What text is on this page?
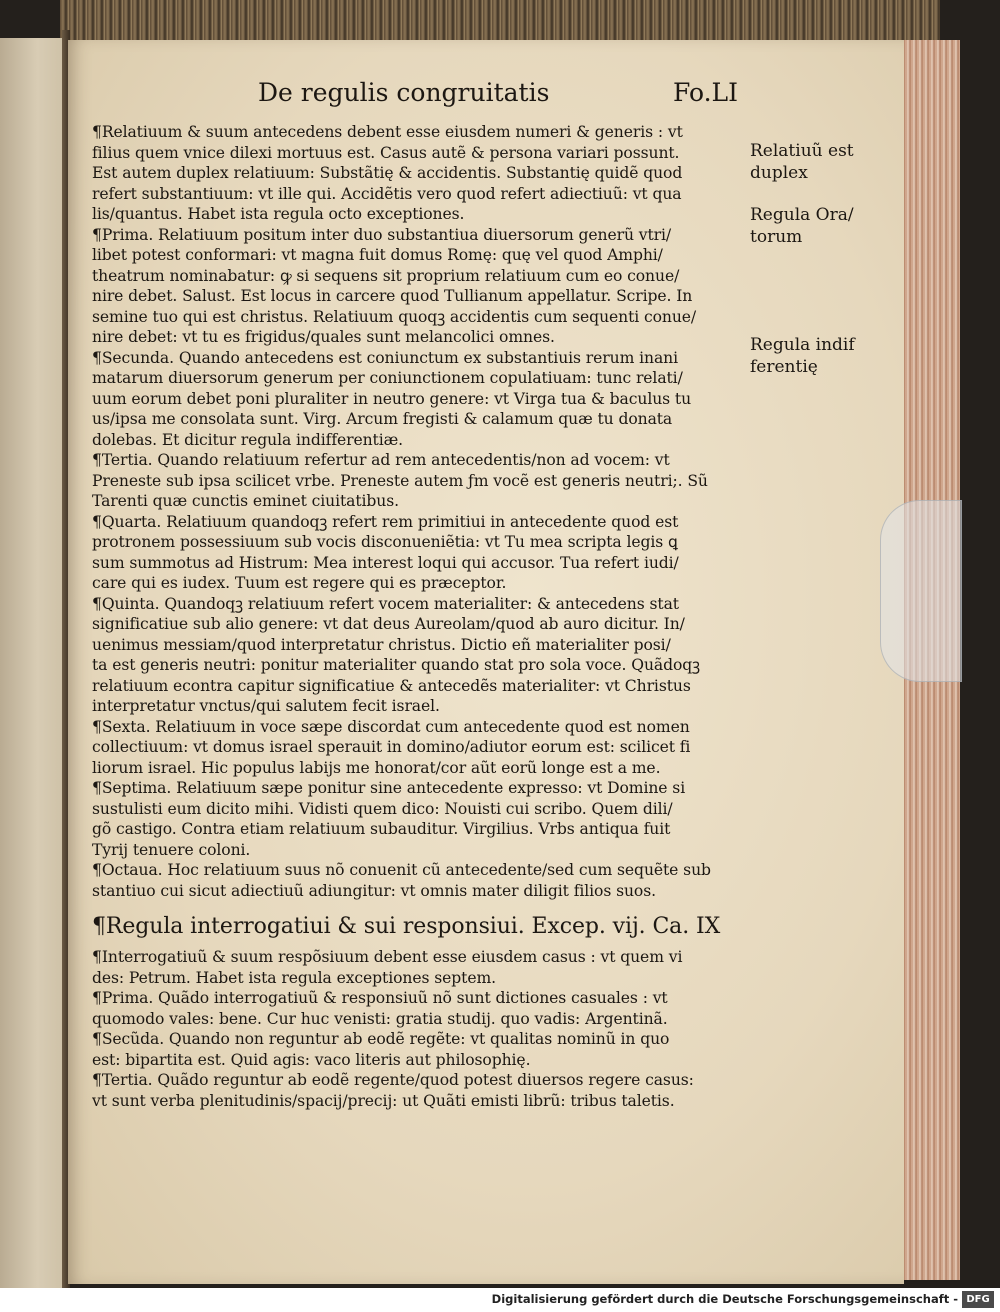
De regulis congruitatis	Fo.LI
¶Relatiuum & suum antecedens debent esse eiusdem numeri & generis : vt
filius quem vnice dilexi mortuus est. Casus autẽ & persona variari possunt.
Est autem duplex relatiuum: Substãtię & accidentis. Substantię quidẽ quod
refert substantiuum: vt ille qui. Accidẽtis vero quod refert adiectiuũ: vt qua
lis/quantus. Habet ista regula octo exceptiones.
¶Prima. Relatiuum positum inter duo substantiua diuersorum generũ vtri/
libet potest conformari: vt magna fuit domus Romę: quę vel quod Amphi/
theatrum nominabatur: ꝙ si sequens sit proprium relatiuum cum eo conue/
nire debet. Salust. Est locus in carcere quod Tullianum appellatur. Scripe. In
semine tuo qui est christus. Relatiuum quoqꝫ accidentis cum sequenti conue/
nire debet: vt tu es frigidus/quales sunt melancolici omnes.
¶Secunda. Quando antecedens est coniunctum ex substantiuis rerum inani
matarum diuersorum generum per coniunctionem copulatiuam: tunc relati/
uum eorum debet poni pluraliter in neutro genere: vt Virga tua & baculus tu
us/ipsa me consolata sunt. Virg. Arcum fregisti & calamum quæ tu donata
dolebas. Et dicitur regula indifferentiæ.
¶Tertia. Quando relatiuum refertur ad rem antecedentis/non ad vocem: vt
Preneste sub ipsa scilicet vrbe. Preneste autem ƒm vocẽ est generis neutri;. Sũ
Tarenti quæ cunctis eminet ciuitatibus.
¶Quarta. Relatiuum quandoqꝫ refert rem primitiui in antecedente quod est
protronem possessiuum sub vocis disconueniẽtia: vt Tu mea scripta legis ꝗ
sum summotus ad Histrum: Mea interest loqui qui accusor. Tua refert iudi/
care qui es iudex. Tuum est regere qui es præceptor.
¶Quinta. Quandoqꝫ relatiuum refert vocem materialiter: & antecedens stat
significatiue sub alio genere: vt dat deus Aureolam/quod ab auro dicitur. In/
uenimus messiam/quod interpretatur christus. Dictio eñ materialiter posi/
ta est generis neutri: ponitur materialiter quando stat pro sola voce. Quãdoqꝫ
relatiuum econtra capitur significatiue & antecedẽs materialiter: vt Christus
interpretatur vnctus/qui salutem fecit israel.
¶Sexta. Relatiuum in voce sæpe discordat cum antecedente quod est nomen
collectiuum: vt domus israel sperauit in domino/adiutor eorum est: scilicet fi
liorum israel. Hic populus labijs me honorat/cor aũt eorũ longe est a me.
¶Septima. Relatiuum sæpe ponitur sine antecedente expresso: vt Domine si
sustulisti eum dicito mihi. Vidisti quem dico: Nouisti cui scribo. Quem dili/
gõ castigo. Contra etiam relatiuum subauditur. Virgilius. Vrbs antiqua fuit
Tyrij tenuere coloni.
¶Octaua. Hoc relatiuum suus nõ conuenit cũ antecedente/sed cum sequẽte sub
stantiuo cui sicut adiectiuũ adiungitur: vt omnis mater diligit filios suos.
¶Regula interrogatiui & sui responsiui. Excep. vij. Ca. IX
¶Interrogatiuũ & suum respõsiuum debent esse eiusdem casus : vt quem vi
des: Petrum. Habet ista regula exceptiones septem.
¶Prima. Quãdo interrogatiuũ & responsiuũ nõ sunt dictiones casuales : vt
quomodo vales: bene. Cur huc venisti: gratia studij. quo vadis: Argentinã.
¶Secũda. Quando non reguntur ab eodẽ regẽte: vt qualitas nominũ in quo
est: bipartita est. Quid agis: vaco literis aut philosophię.
¶Tertia. Quãdo reguntur ab eodẽ regente/quod potest diuersos regere casus:
vt sunt verba plenitudinis/spacij/precij: ut Quãti emisti librũ: tribus taletis.
Relatiuũ est
duplex
Regula Ora/
torum
Regula indif
ferentię
Digitalisierung gefördert durch die Deutsche Forschungsgemeinschaft - DFG
